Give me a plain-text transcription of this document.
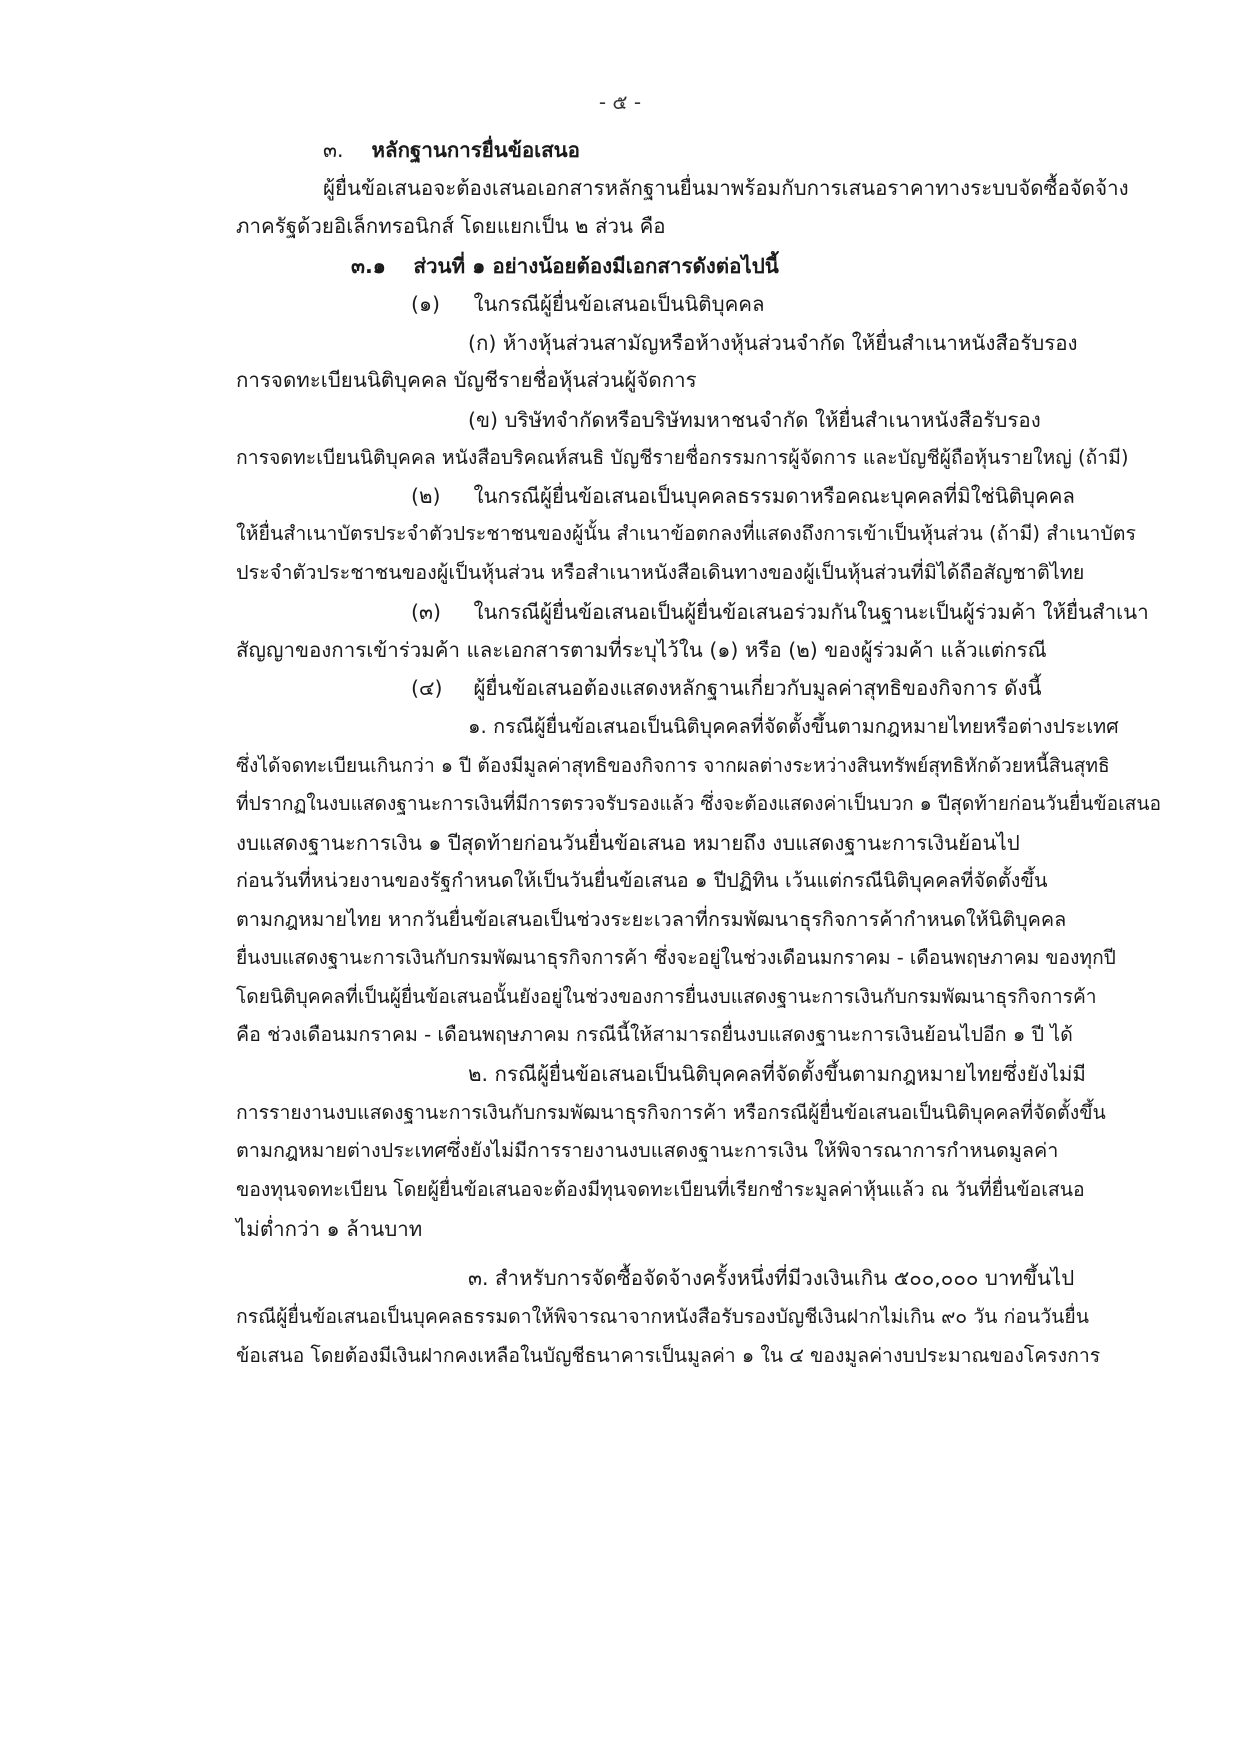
- ๕ -
๓. หลักฐานการยื่นข้อเสนอ
ผู้ยื่นข้อเสนอจะต้องเสนอเอกสารหลักฐานยื่นมาพร้อมกับการเสนอราคาทางระบบจัดซื้อจัดจ้าง
ภาครัฐด้วยอิเล็กทรอนิกส์ โดยแยกเป็น ๒ ส่วน คือ
๓.๑ ส่วนที่ ๑ อย่างน้อยต้องมีเอกสารดังต่อไปนี้
(๑) ในกรณีผู้ยื่นข้อเสนอเป็นนิติบุคคล
(ก) ห้างหุ้นส่วนสามัญหรือห้างหุ้นส่วนจำกัด ให้ยื่นสำเนาหนังสือรับรอง
การจดทะเบียนนิติบุคคล บัญชีรายชื่อหุ้นส่วนผู้จัดการ
(ข) บริษัทจำกัดหรือบริษัทมหาชนจำกัด ให้ยื่นสำเนาหนังสือรับรอง
การจดทะเบียนนิติบุคคล หนังสือบริคณห์สนธิ บัญชีรายชื่อกรรมการผู้จัดการ และบัญชีผู้ถือหุ้นรายใหญ่ (ถ้ามี)
(๒) ในกรณีผู้ยื่นข้อเสนอเป็นบุคคลธรรมดาหรือคณะบุคคลที่มิใช่นิติบุคคล
ให้ยื่นสำเนาบัตรประจำตัวประชาชนของผู้นั้น สำเนาข้อตกลงที่แสดงถึงการเข้าเป็นหุ้นส่วน (ถ้ามี) สำเนาบัตร
ประจำตัวประชาชนของผู้เป็นหุ้นส่วน หรือสำเนาหนังสือเดินทางของผู้เป็นหุ้นส่วนที่มิได้ถือสัญชาติไทย
(๓) ในกรณีผู้ยื่นข้อเสนอเป็นผู้ยื่นข้อเสนอร่วมกันในฐานะเป็นผู้ร่วมค้า ให้ยื่นสำเนา
สัญญาของการเข้าร่วมค้า และเอกสารตามที่ระบุไว้ใน (๑) หรือ (๒) ของผู้ร่วมค้า แล้วแต่กรณี
(๔) ผู้ยื่นข้อเสนอต้องแสดงหลักฐานเกี่ยวกับมูลค่าสุทธิของกิจการ ดังนี้
๑. กรณีผู้ยื่นข้อเสนอเป็นนิติบุคคลที่จัดตั้งขึ้นตามกฎหมายไทยหรือต่างประเทศ
ซึ่งได้จดทะเบียนเกินกว่า ๑ ปี ต้องมีมูลค่าสุทธิของกิจการ จากผลต่างระหว่างสินทรัพย์สุทธิหักด้วยหนี้สินสุทธิ
ที่ปรากฏในงบแสดงฐานะการเงินที่มีการตรวจรับรองแล้ว ซึ่งจะต้องแสดงค่าเป็นบวก ๑ ปีสุดท้ายก่อนวันยื่นข้อเสนอ
งบแสดงฐานะการเงิน ๑ ปีสุดท้ายก่อนวันยื่นข้อเสนอ หมายถึง งบแสดงฐานะการเงินย้อนไป
ก่อนวันที่หน่วยงานของรัฐกำหนดให้เป็นวันยื่นข้อเสนอ ๑ ปีปฏิทิน เว้นแต่กรณีนิติบุคคลที่จัดตั้งขึ้น
ตามกฎหมายไทย หากวันยื่นข้อเสนอเป็นช่วงระยะเวลาที่กรมพัฒนาธุรกิจการค้ากำหนดให้นิติบุคคล
ยื่นงบแสดงฐานะการเงินกับกรมพัฒนาธุรกิจการค้า ซึ่งจะอยู่ในช่วงเดือนมกราคม - เดือนพฤษภาคม ของทุกปี
โดยนิติบุคคลที่เป็นผู้ยื่นข้อเสนอนั้นยังอยู่ในช่วงของการยื่นงบแสดงฐานะการเงินกับกรมพัฒนาธุรกิจการค้า
คือ ช่วงเดือนมกราคม - เดือนพฤษภาคม กรณีนี้ให้สามารถยื่นงบแสดงฐานะการเงินย้อนไปอีก ๑ ปี ได้
๒. กรณีผู้ยื่นข้อเสนอเป็นนิติบุคคลที่จัดตั้งขึ้นตามกฎหมายไทยซึ่งยังไม่มี
การรายงานงบแสดงฐานะการเงินกับกรมพัฒนาธุรกิจการค้า หรือกรณีผู้ยื่นข้อเสนอเป็นนิติบุคคลที่จัดตั้งขึ้น
ตามกฎหมายต่างประเทศซึ่งยังไม่มีการรายงานงบแสดงฐานะการเงิน ให้พิจารณาการกำหนดมูลค่า
ของทุนจดทะเบียน โดยผู้ยื่นข้อเสนอจะต้องมีทุนจดทะเบียนที่เรียกชำระมูลค่าหุ้นแล้ว ณ วันที่ยื่นข้อเสนอ
ไม่ต่ำกว่า ๑ ล้านบาท
๓. สำหรับการจัดซื้อจัดจ้างครั้งหนึ่งที่มีวงเงินเกิน ๕๐๐,๐๐๐ บาทขึ้นไป
กรณีผู้ยื่นข้อเสนอเป็นบุคคลธรรมดาให้พิจารณาจากหนังสือรับรองบัญชีเงินฝากไม่เกิน ๙๐ วัน ก่อนวันยื่น
ข้อเสนอ โดยต้องมีเงินฝากคงเหลือในบัญชีธนาคารเป็นมูลค่า ๑ ใน ๔ ของมูลค่างบประมาณของโครงการ
